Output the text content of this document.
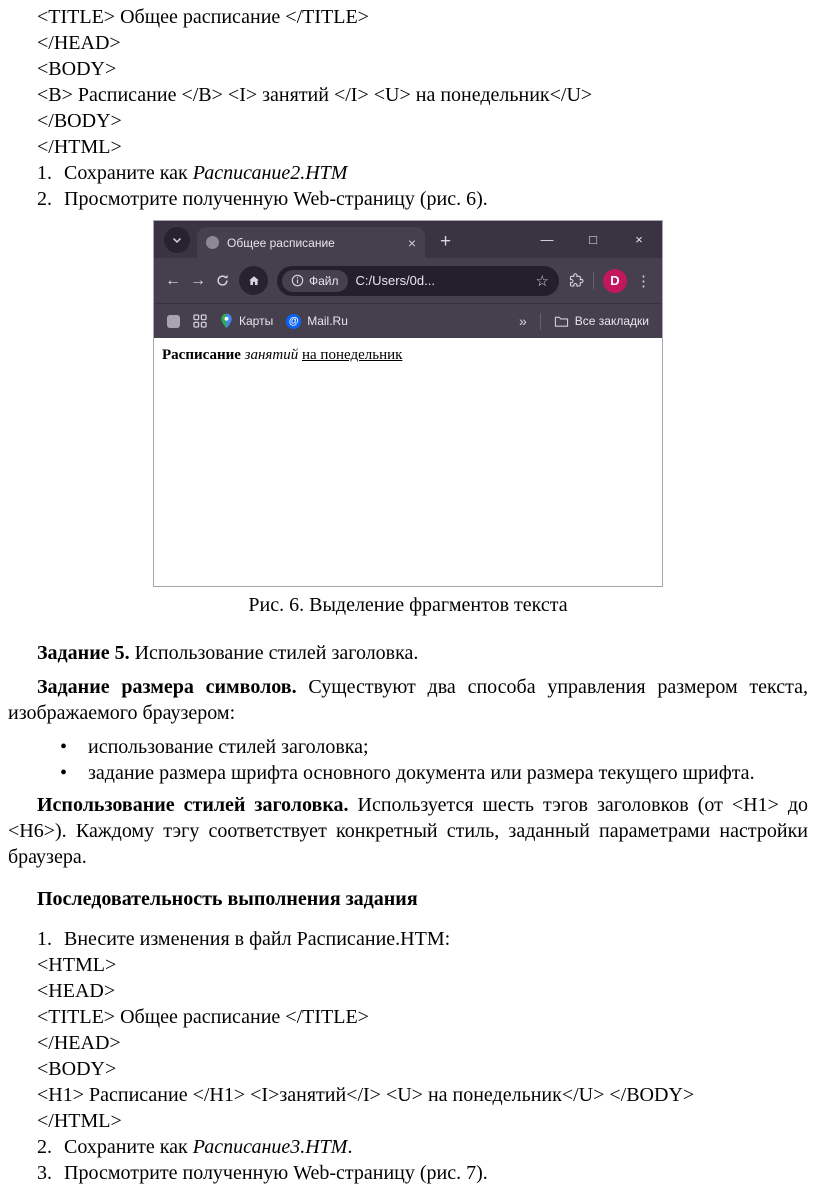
<TITLE> Общее расписание </TITLE>
</HEAD>
<BODY>
<B> Расписание </B> <I> занятий </I> <U> на понедельник</U>
</BODY>
</HTML>
1. Сохраните как Расписание2.HTM
2. Просмотрите полученную Web-страницу (рис. 6).
Общее расписание	× +	—	□	×
← →	Файл C:/Users/0d...	☆	D	⋮
Карты @ Mail.Ru	»	Все закладки
Расписание занятий на понедельник
Рис. 6. Выделение фрагментов текста

Задание 5. Использование стилей заголовка.

Задание размера символов. Существуют два способа управления размером текста, изображаемого браузером:

• использование стилей заголовка;
• задание размера шрифта основного документа или размера текущего шрифта.

Использование стилей заголовка. Используется шесть тэгов заголовков (от <H1> до <H6>). Каждому тэгу соответствует конкретный стиль, заданный параметрами настройки браузера.

Последовательность выполнения задания

1. Внесите изменения в файл Расписание.HTM:
<HTML>
<HEAD>
<TITLE> Общее расписание </TITLE>
</HEAD>
<BODY>
<H1> Расписание </H1> <I>занятий</I> <U> на понедельник</U> </BODY>
</HTML>
2. Сохраните как Расписание3.HTM.
3. Просмотрите полученную Web-страницу (рис. 7).
